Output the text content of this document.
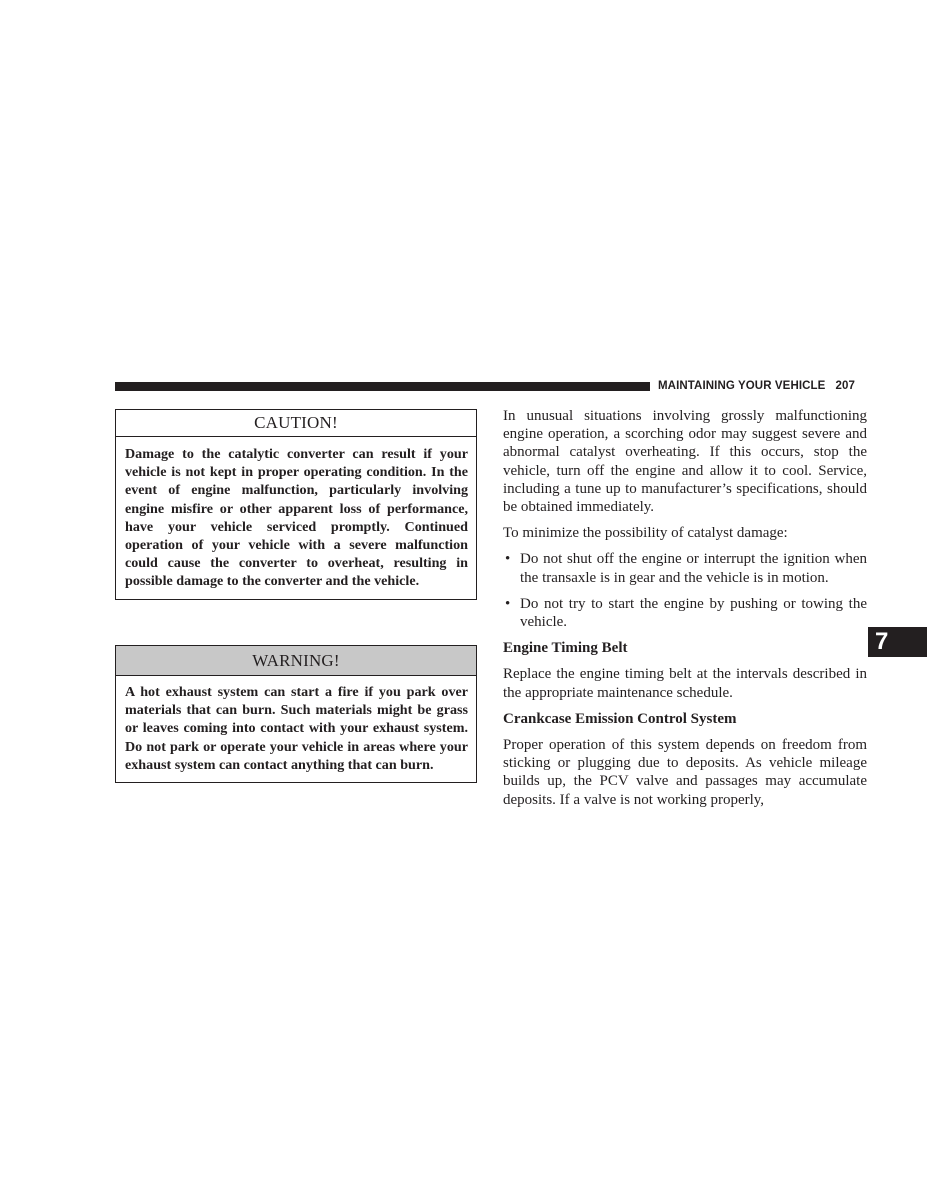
MAINTAINING YOUR VEHICLE 207
7
CAUTION!
Damage to the catalytic converter can result if your vehicle is not kept in proper operating condition. In the event of engine malfunction, particularly involving engine misfire or other apparent loss of performance, have your vehicle serviced promptly. Continued operation of your vehicle with a severe malfunction could cause the converter to overheat, resulting in possible damage to the converter and the vehicle.
WARNING!
A hot exhaust system can start a fire if you park over materials that can burn. Such materials might be grass or leaves coming into contact with your exhaust system. Do not park or operate your vehicle in areas where your exhaust system can contact anything that can burn.

In unusual situations involving grossly malfunctioning engine operation, a scorching odor may suggest severe and abnormal catalyst overheating. If this occurs, stop the vehicle, turn off the engine and allow it to cool. Service, including a tune up to manufacturer’s specifications, should be obtained immediately.

To minimize the possibility of catalyst damage:

• Do not shut off the engine or interrupt the ignition when the transaxle is in gear and the vehicle is in motion.
• Do not try to start the engine by pushing or towing the vehicle.

Engine Timing Belt

Replace the engine timing belt at the intervals described in the appropriate maintenance schedule.

Crankcase Emission Control System

Proper operation of this system depends on freedom from sticking or plugging due to deposits. As vehicle mileage builds up, the PCV valve and passages may accumulate deposits. If a valve is not working properly,
